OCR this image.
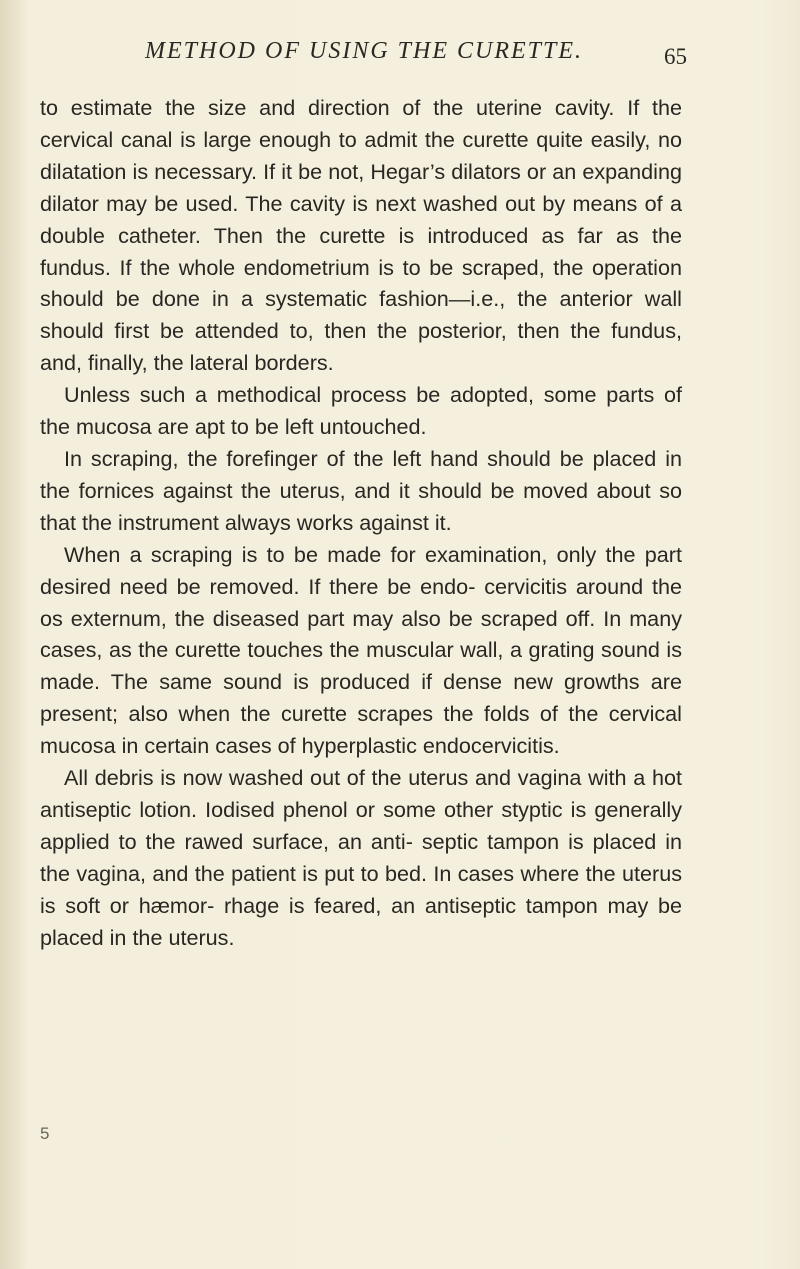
METHOD OF USING THE CURETTE.	65

to estimate the size and direction of the uterine cavity. If the cervical canal is large enough to admit the curette quite easily, no dilatation is necessary. If it be not, Hegar’s dilators or an expanding dilator may be used. The cavity is next washed out by means of a double catheter. Then the curette is introduced as far as the fundus. If the whole endometrium is to be scraped, the operation should be done in a systematic fashion—i.e., the anterior wall should first be attended to, then the posterior, then the fundus, and, finally, the lateral borders.

Unless such a methodical process be adopted, some parts of the mucosa are apt to be left untouched.

In scraping, the forefinger of the left hand should be placed in the fornices against the uterus, and it should be moved about so that the instrument always works against it.

When a scraping is to be made for examination, only the part desired need be removed. If there be endo- cervicitis around the os externum, the diseased part may also be scraped off. In many cases, as the curette touches the muscular wall, a grating sound is made. The same sound is produced if dense new growths are present; also when the curette scrapes the folds of the cervical mucosa in certain cases of hyperplastic endocervicitis.

All debris is now washed out of the uterus and vagina with a hot antiseptic lotion. Iodised phenol or some other styptic is generally applied to the rawed surface, an anti- septic tampon is placed in the vagina, and the patient is put to bed. In cases where the uterus is soft or hæmor- rhage is feared, an antiseptic tampon may be placed in the uterus.

5
